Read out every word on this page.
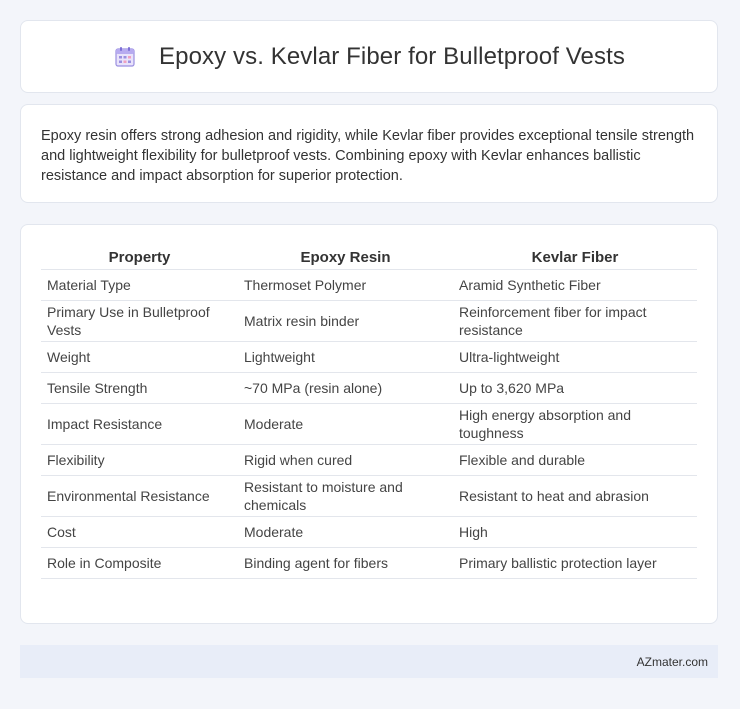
Epoxy vs. Kevlar Fiber for Bulletproof Vests

Epoxy resin offers strong adhesion and rigidity, while Kevlar fiber provides exceptional tensile strength and lightweight flexibility for bulletproof vests. Combining epoxy with Kevlar enhances ballistic resistance and impact absorption for superior protection.

Property	Epoxy Resin	Kevlar Fiber
Material Type	Thermoset Polymer	Aramid Synthetic Fiber
Primary Use in Bulletproof Vests	Matrix resin binder	Reinforcement fiber for impact resistance
Weight	Lightweight	Ultra-lightweight
Tensile Strength	~70 MPa (resin alone)	Up to 3,620 MPa
Impact Resistance	Moderate	High energy absorption and toughness
Flexibility	Rigid when cured	Flexible and durable
Environmental Resistance	Resistant to moisture and chemicals	Resistant to heat and abrasion
Cost	Moderate	High
Role in Composite	Binding agent for fibers	Primary ballistic protection layer
AZmater.com
